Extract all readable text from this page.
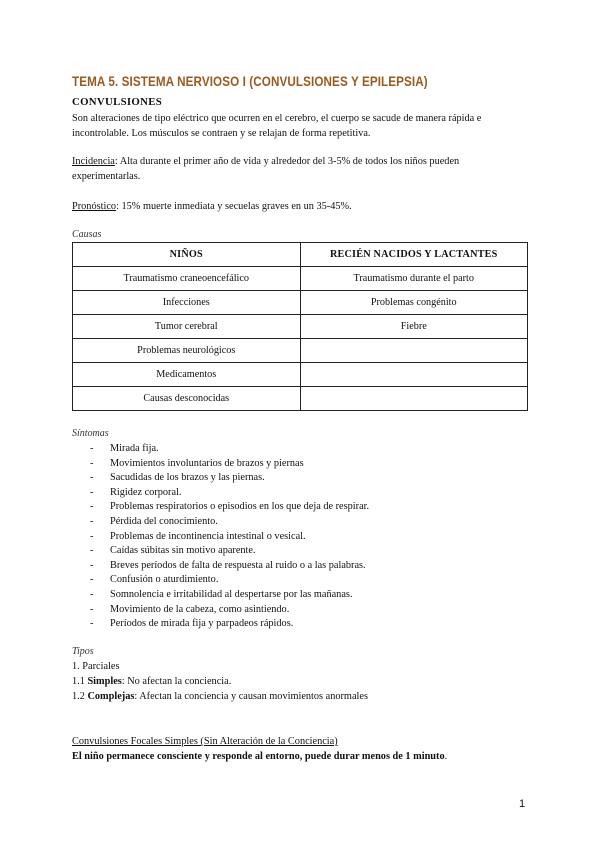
TEMA 5. SISTEMA NERVIOSO I (CONVULSIONES Y EPILEPSIA)
CONVULSIONES
Son alteraciones de tipo eléctrico que ocurren en el cerebro, el cuerpo se sacude de manera rápida e incontrolable. Los músculos se contraen y se relajan de forma repetitiva.
Incidencia: Alta durante el primer año de vida y alrededor del 3-5% de todos los niños pueden experimentarlas.
Pronóstico: 15% muerte inmediata y secuelas graves en un 35-45%.
Causas
NIÑOS	RECIÉN NACIDOS Y LACTANTES
Traumatismo craneoencefálico	Traumatismo durante el parto
Infecciones	Problemas congénito
Tumor cerebral	Fiebre
Problemas neurológicos	
Medicamentos	
Causas desconocidas	
Síntomas
- Mirada fija.
- Movimientos involuntarios de brazos y piernas
- Sacudidas de los brazos y las piernas.
- Rigidez corporal.
- Problemas respiratorios o episodios en los que deja de respirar.
- Pérdida del conocimiento.
- Problemas de incontinencia intestinal o vesical.
- Caídas súbitas sin motivo aparente.
- Breves períodos de falta de respuesta al ruido o a las palabras.
- Confusión o aturdimiento.
- Somnolencia e irritabilidad al despertarse por las mañanas.
- Movimiento de la cabeza, como asintiendo.
- Períodos de mirada fija y parpadeos rápidos.
Tipos
1. Parciales
1.1 Simples: No afectan la conciencia.
1.2 Complejas: Afectan la conciencia y causan movimientos anormales
Convulsiones Focales Simples (Sin Alteración de la Conciencia)
El niño permanece consciente y responde al entorno, puede durar menos de 1 minuto.
1
